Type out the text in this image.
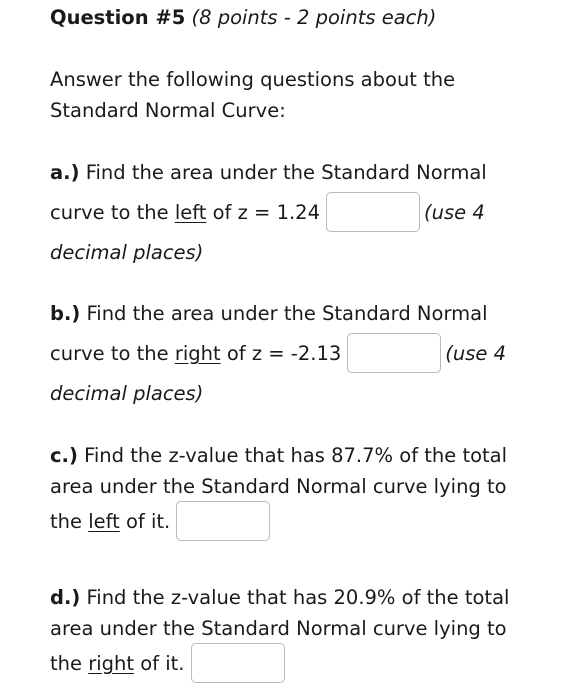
Question #5 (8 points - 2 points each)
Answer the following questions about the
Standard Normal Curve:
a.) Find the area under the Standard Normal
curve to the left of z = 1.24	(use 4
decimal places)
b.) Find the area under the Standard Normal
curve to the right of z = -2.13	(use 4
decimal places)
c.) Find the z-value that has 87.7% of the total
area under the Standard Normal curve lying to
the left of it.
d.) Find the z-value that has 20.9% of the total
area under the Standard Normal curve lying to
the right of it.
